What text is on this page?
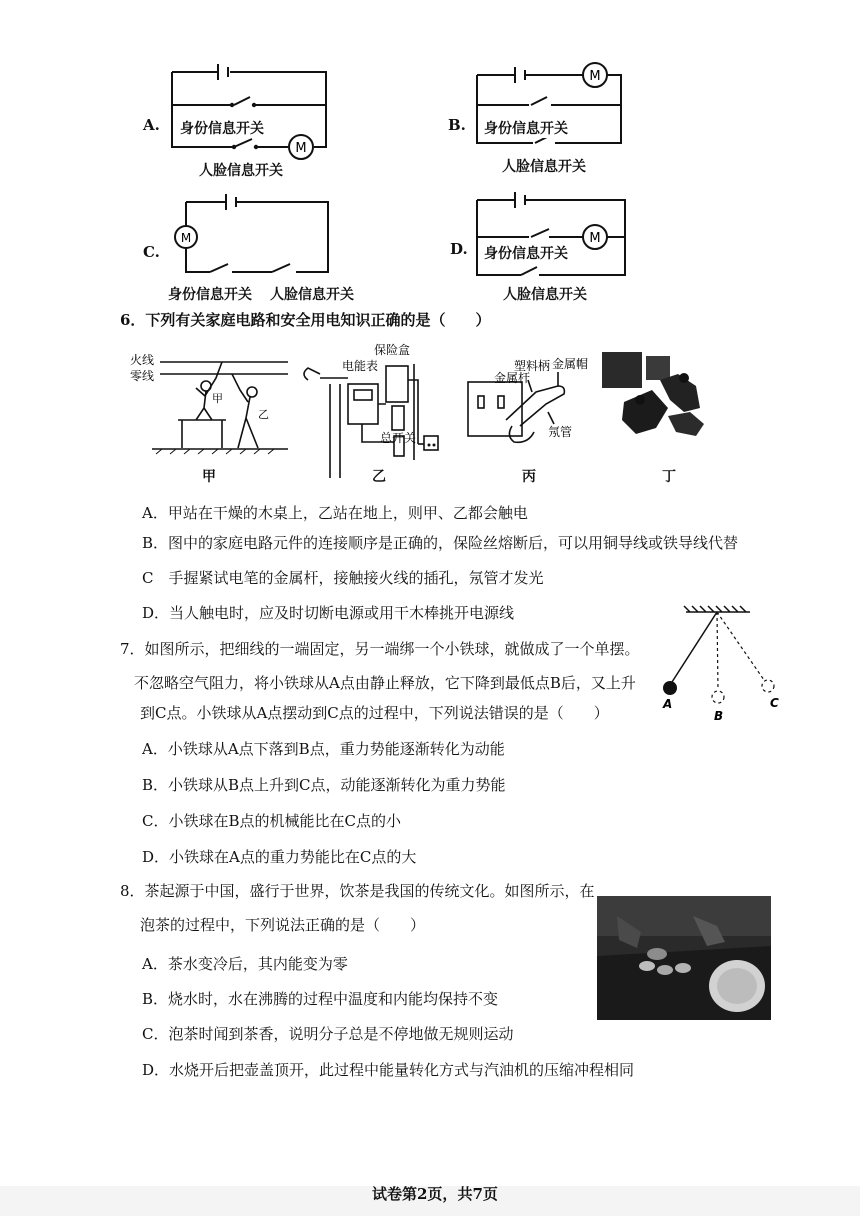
A.
M
身份信息开关
人脸信息开关
B.
M
身份信息开关
人脸信息开关
C.
M
身份信息开关 人脸信息开关
D.
M
身份信息开关
人脸信息开关
6．下列有关家庭电路和安全用电知识正确的是（　　）
火线
零线
甲
乙
保险盒
电能表
总开关
塑料柄 金属帽
金属杆
氖管
甲	乙	丙	丁
A．甲站在干燥的木桌上，乙站在地上，则甲、乙都会触电
B．图中的家庭电路元件的连接顺序是正确的，保险丝熔断后，可以用铜导线或铁导线代替
C　手握紧试电笔的金属杆，接触接火线的插孔，氖管才发光
D．当人触电时，应及时切断电源或用干木棒挑开电源线
7．如图所示，把细线的一端固定，另一端绑一个小铁球，就做成了一个单摆。
不忽略空气阻力，将小铁球从A点由静止释放，它下降到最低点B后，又上升
到C点。小铁球从A点摆动到C点的过程中，下列说法错误的是（　　）	A
B
C
A．小铁球从A点下落到B点，重力势能逐渐转化为动能
B．小铁球从B点上升到C点，动能逐渐转化为重力势能
C．小铁球在B点的机械能比在C点的小
D．小铁球在A点的重力势能比在C点的大
8．茶起源于中国，盛行于世界，饮茶是我国的传统文化。如图所示，在
泡茶的过程中，下列说法正确的是（　　）
A．茶水变冷后，其内能变为零
B．烧水时，水在沸腾的过程中温度和内能均保持不变
C．泡茶时闻到茶香，说明分子总是不停地做无规则运动
D．水烧开后把壶盖顶开，此过程中能量转化方式与汽油机的压缩冲程相同
试卷第2页，共7页
